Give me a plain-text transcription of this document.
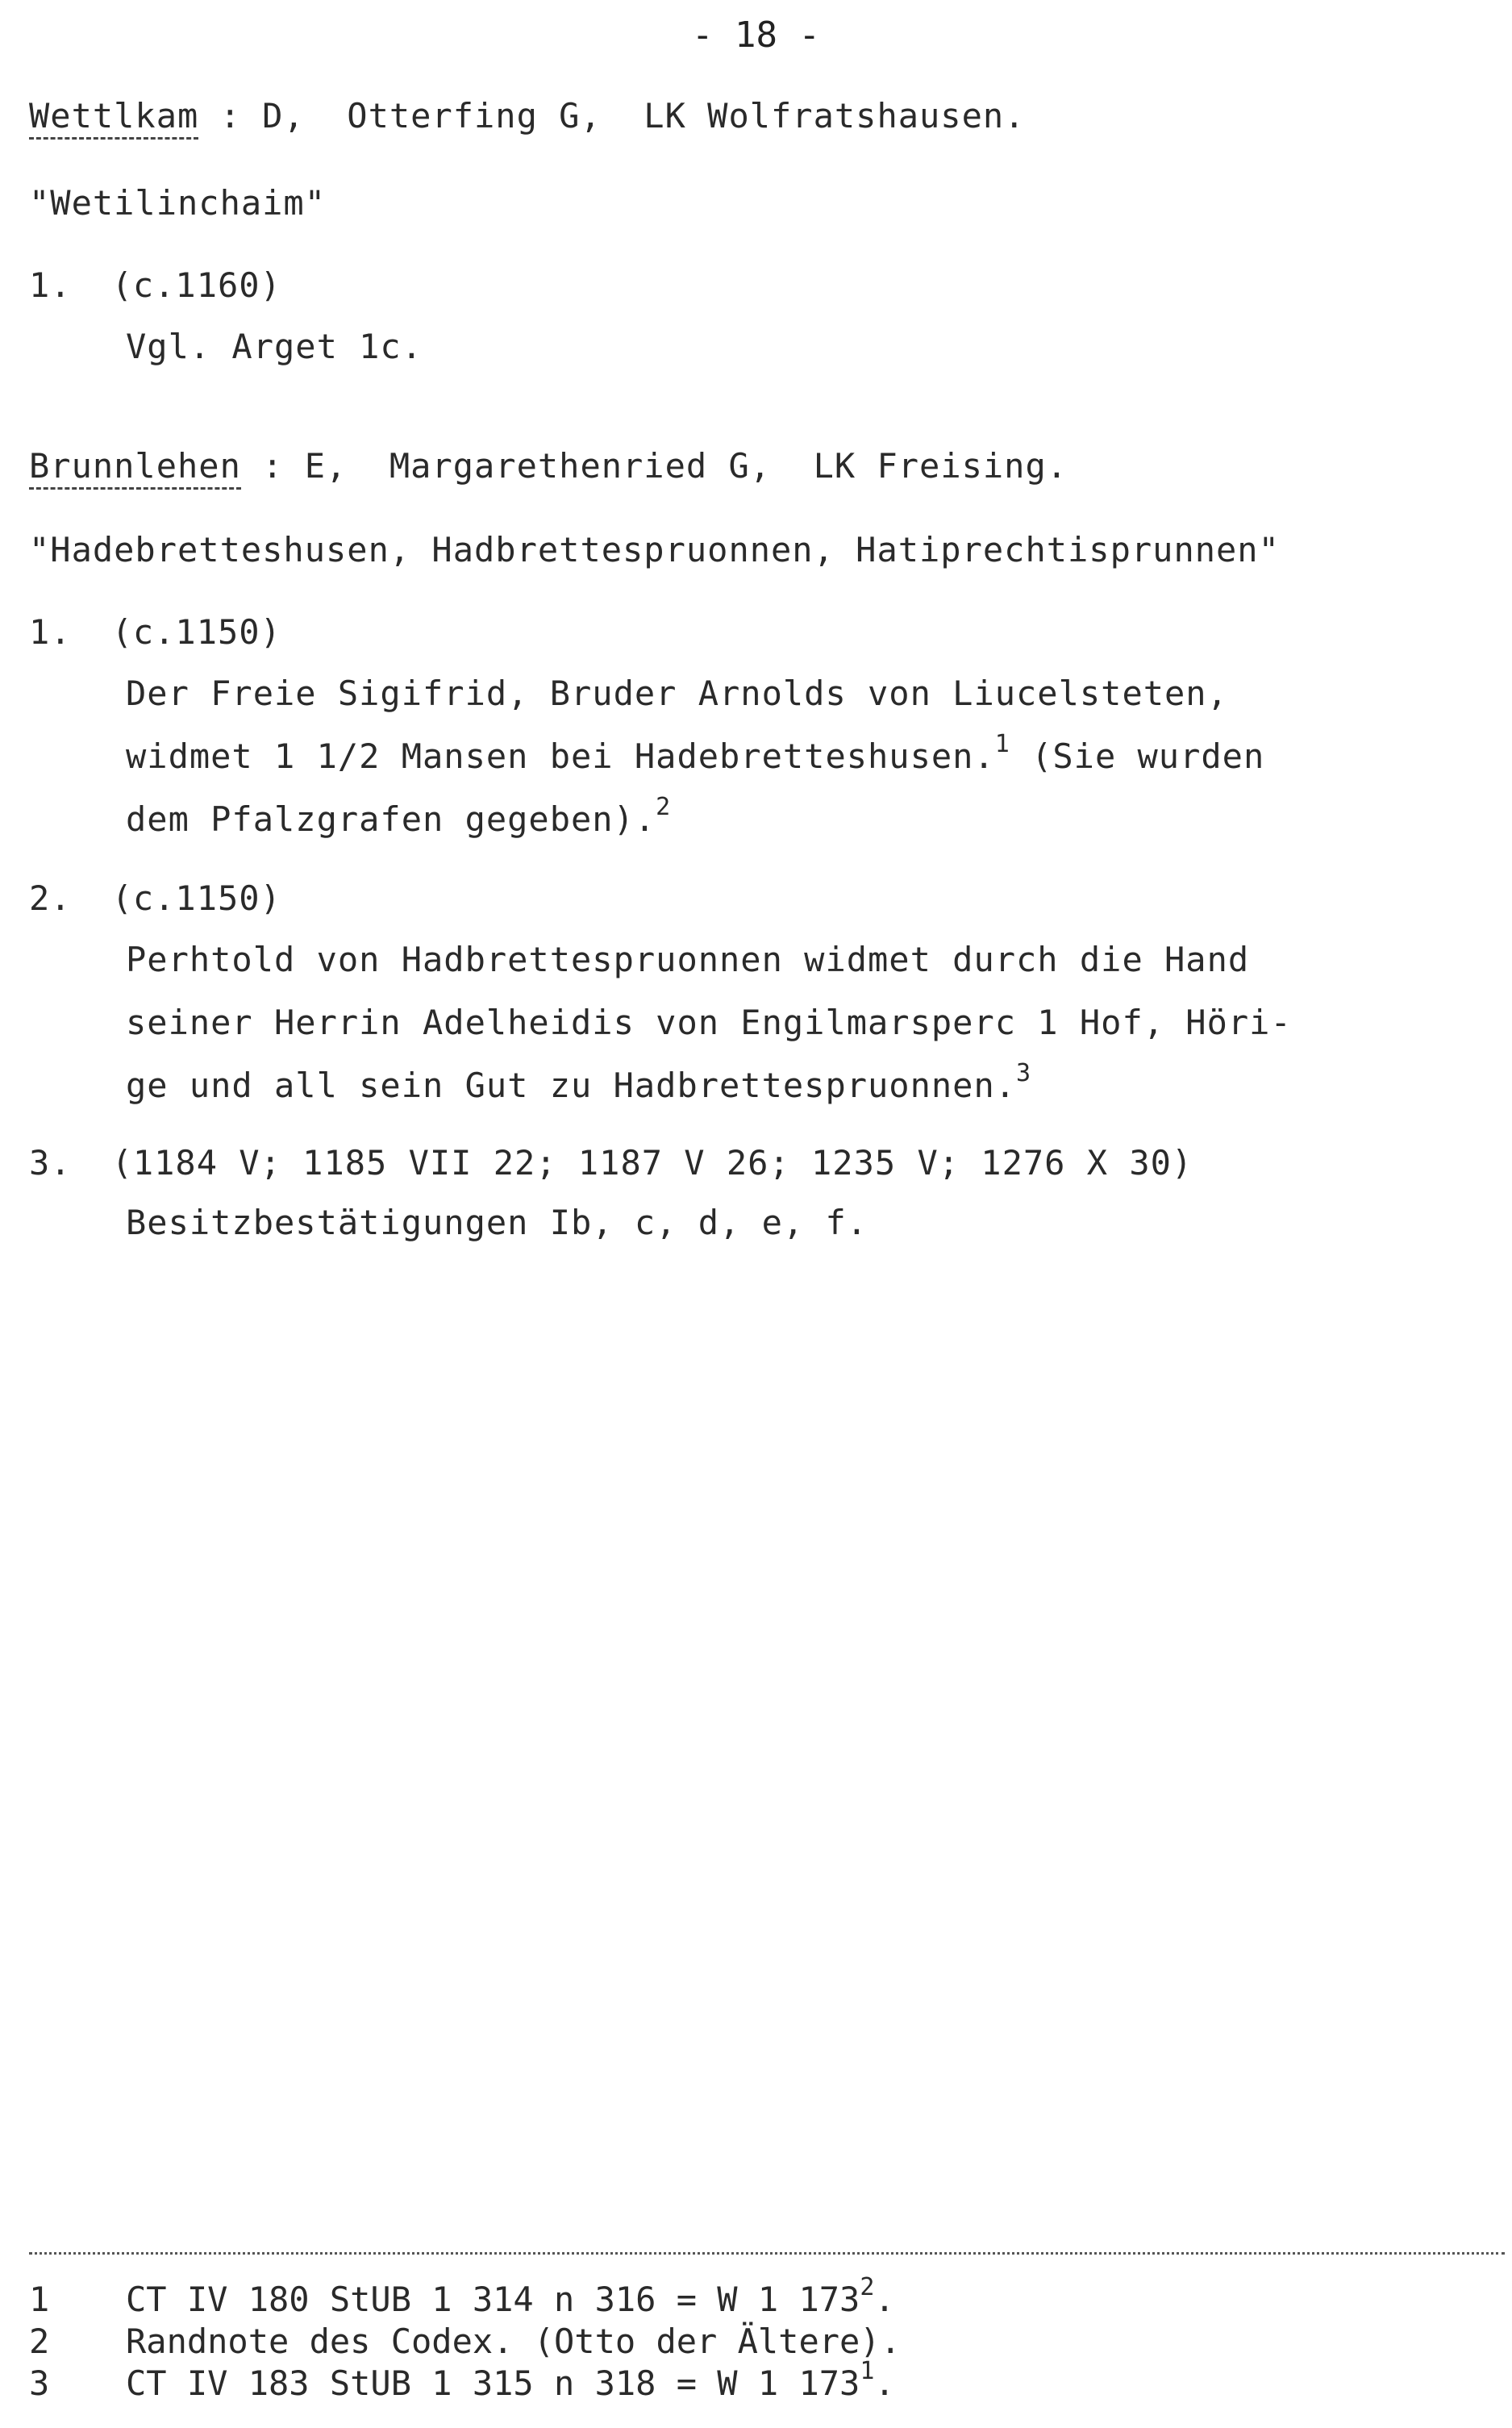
- 18 -
Wettlkam : D,  Otterfing G,  LK Wolfratshausen.
"Wetilinchaim"
1. (c.1160)
Vgl. Arget 1c.
Brunnlehen : E,  Margarethenried G,  LK Freising.
"Hadebretteshusen, Hadbrettespruonnen, Hatiprechtisprunnen"
1. (c.1150)
Der Freie Sigifrid, Bruder Arnolds von Liucelsteten,
widmet 1 1/2 Mansen bei Hadebretteshusen.$^1$ (Sie wurden
dem Pfalzgrafen gegeben).$^2$
2. (c.1150)
Perhtold von Hadbrettespruonnen widmet durch die Hand
seiner Herrin Adelheidis von Engilmarsperc 1 Hof, Höri-
ge und all sein Gut zu Hadbrettespruonnen.$^3$
3. (1184 V; 1185 VII 22; 1187 V 26; 1235 V; 1276 X 30)
Besitzbestätigungen Ib, c, d, e, f.
1 CT IV 180 StUB 1 314 n 316 = W 1 $173^2$.
2 Randnote des Codex. (Otto der Ältere).
3 CT IV 183 StUB 1 315 n 318 = W 1 $173^1$.
